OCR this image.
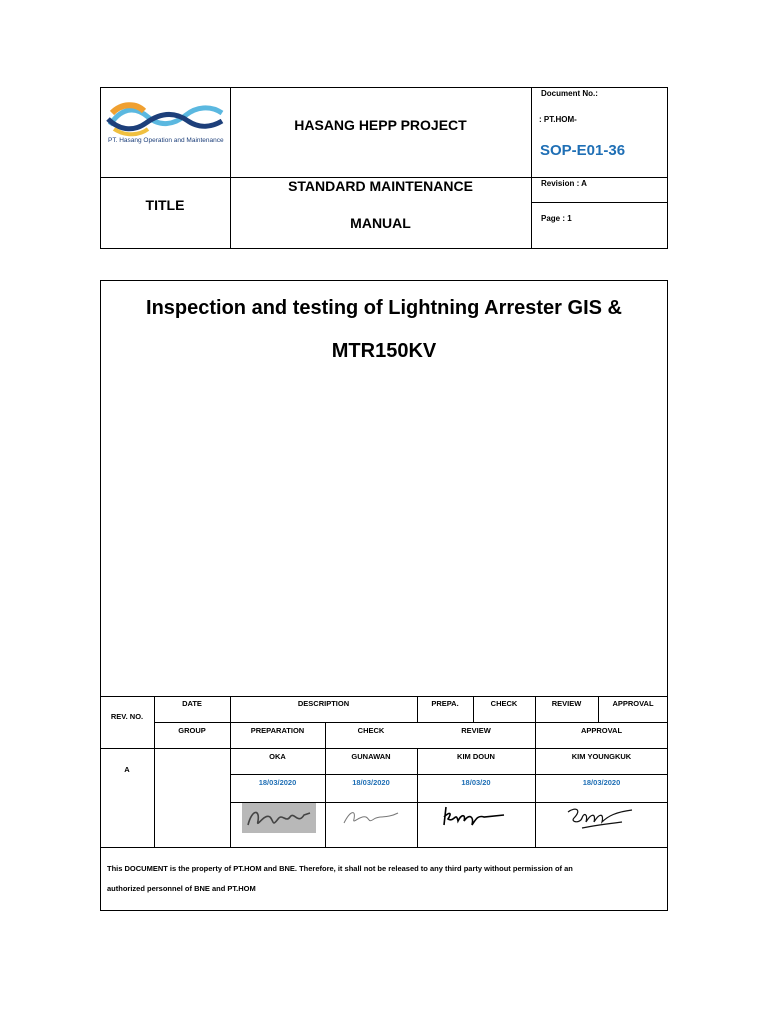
PT. Hasang Operation and Maintenance
HASANG HEPP PROJECT
Document No.:
: PT.HOM-
SOP-E01-36
TITLE
STANDARD MAINTENANCE
MANUAL
Revision : A
Page : 1
Inspection and testing of Lightning Arrester GIS &
MTR150KV
REV. NO.
DATE	DESCRIPTION	PREPA.	CHECK	REVIEW	APPROVAL
GROUP	PREPARATION	CHECK	REVIEW	APPROVAL
A
OKA	GUNAWAN	KIM DOUN	KIM YOUNGKUK
18/03/2020	18/03/2020	18/03/20	18/03/2020
This DOCUMENT is the property of PT.HOM and BNE. Therefore, it shall not be released to any third party without permission of an
authorized personnel of BNE and PT.HOM
